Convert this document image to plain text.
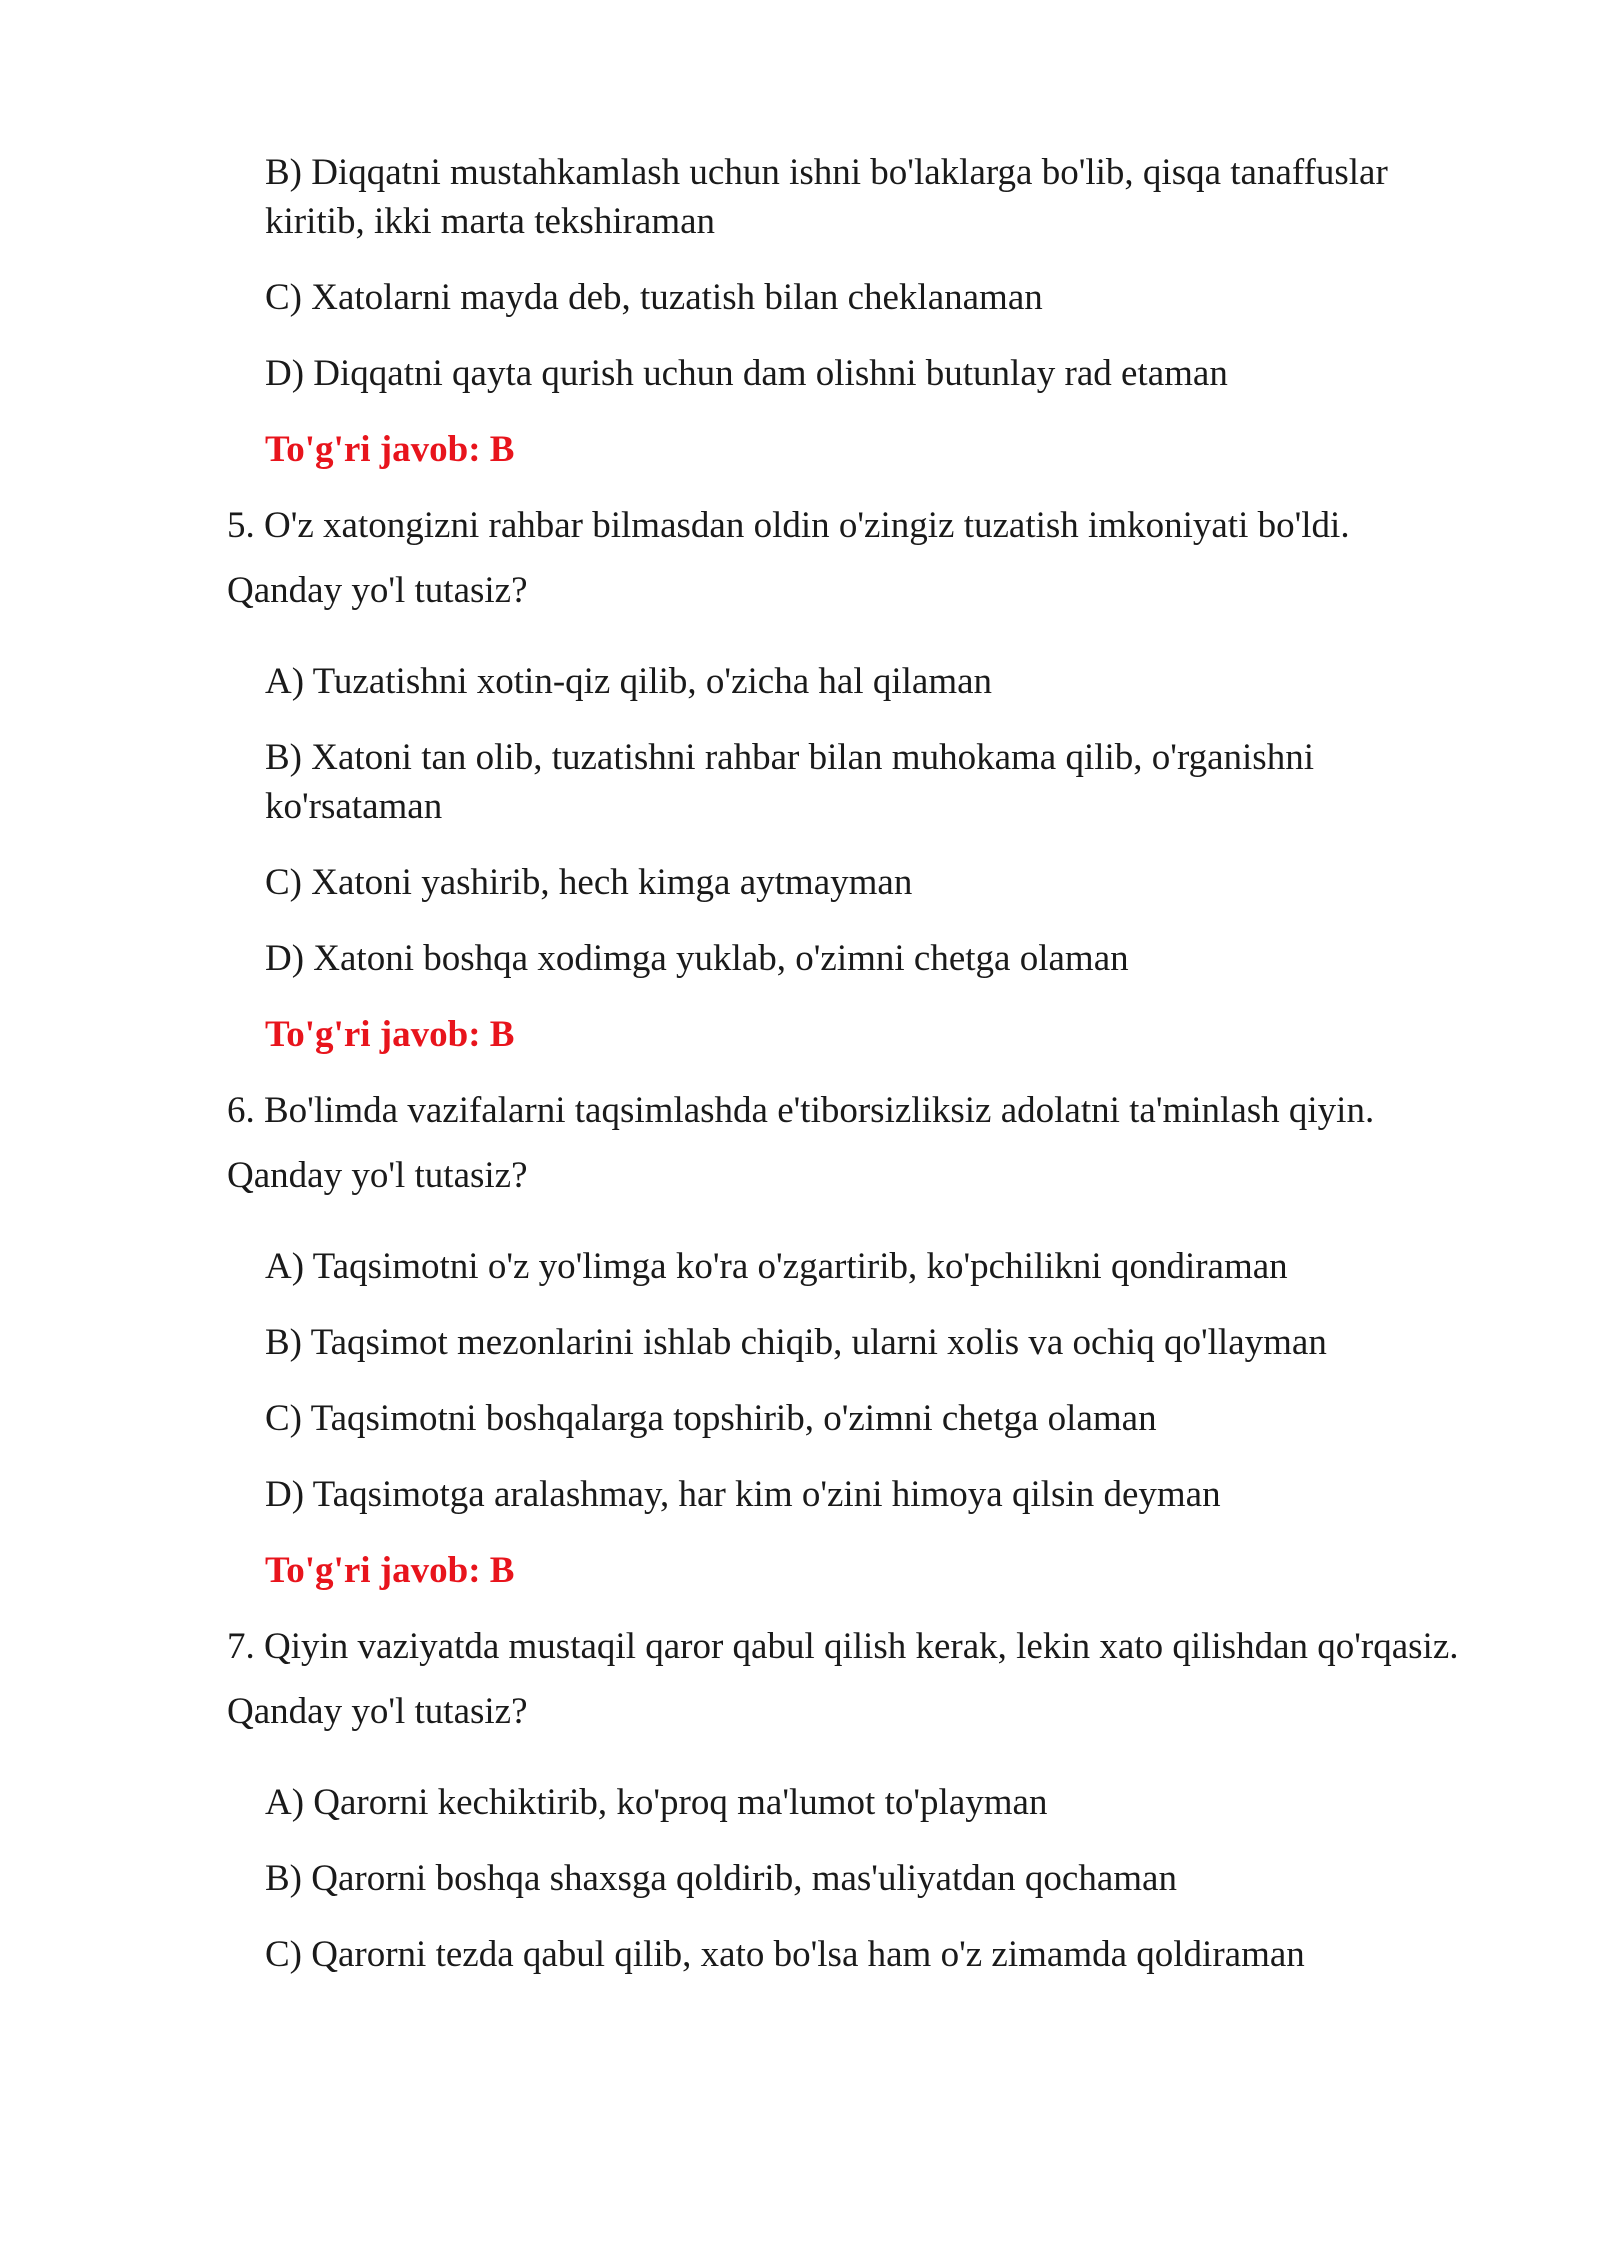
B) Diqqatni mustahkamlash uchun ishni bo'laklarga bo'lib, qisqa tanaffuslar
kiritib, ikki marta tekshiraman
C) Xatolarni mayda deb, tuzatish bilan cheklanaman
D) Diqqatni qayta qurish uchun dam olishni butunlay rad etaman
To'g'ri javob: B
5. O'z xatongizni rahbar bilmasdan oldin o'zingiz tuzatish imkoniyati bo'ldi.
Qanday yo'l tutasiz?
A) Tuzatishni xotin-qiz qilib, o'zicha hal qilaman
B) Xatoni tan olib, tuzatishni rahbar bilan muhokama qilib, o'rganishni
ko'rsataman
C) Xatoni yashirib, hech kimga aytmayman
D) Xatoni boshqa xodimga yuklab, o'zimni chetga olaman
To'g'ri javob: B
6. Bo'limda vazifalarni taqsimlashda e'tiborsizliksiz adolatni ta'minlash qiyin.
Qanday yo'l tutasiz?
A) Taqsimotni o'z yo'limga ko'ra o'zgartirib, ko'pchilikni qondiraman
B) Taqsimot mezonlarini ishlab chiqib, ularni xolis va ochiq qo'llayman
C) Taqsimotni boshqalarga topshirib, o'zimni chetga olaman
D) Taqsimotga aralashmay, har kim o'zini himoya qilsin deyman
To'g'ri javob: B
7. Qiyin vaziyatda mustaqil qaror qabul qilish kerak, lekin xato qilishdan qo'rqasiz.
Qanday yo'l tutasiz?
A) Qarorni kechiktirib, ko'proq ma'lumot to'playman
B) Qarorni boshqa shaxsga qoldirib, mas'uliyatdan qochaman
C) Qarorni tezda qabul qilib, xato bo'lsa ham o'z zimamda qoldiraman
